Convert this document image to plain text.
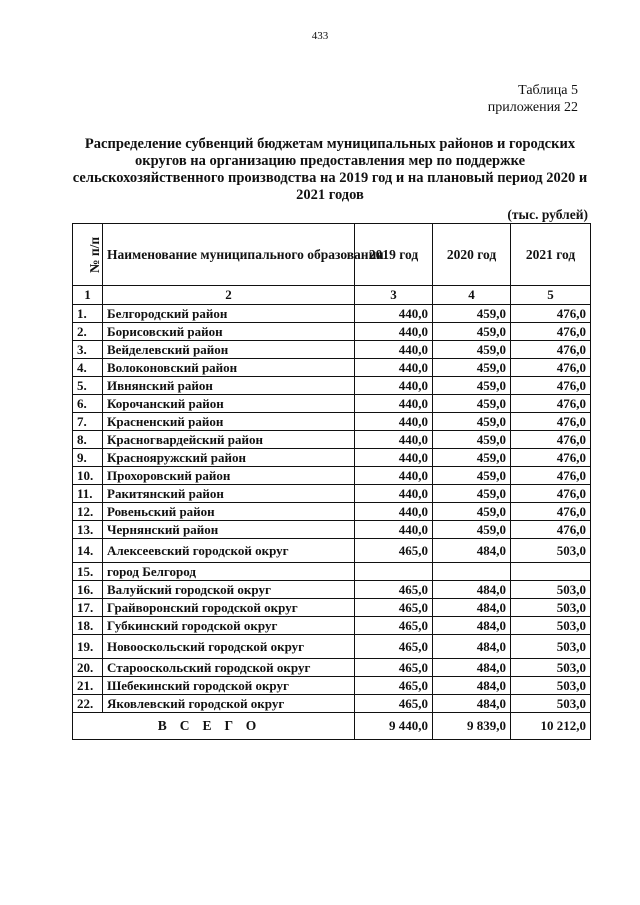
433
Таблица 5
приложения 22
Распределение субвенций бюджетам муниципальных районов и городских округов на организацию предоставления мер по поддержке сельскохозяйственного производства на 2019 год и на плановый период 2020 и 2021 годов
(тыс. рублей)
№ п/п	Наименование муниципального образования	2019 год	2020 год	2021 год
1	2	3	4	5
1.	Белгородский район	440,0	459,0	476,0
2.	Борисовский район	440,0	459,0	476,0
3.	Вейделевский район	440,0	459,0	476,0
4.	Волоконовский район	440,0	459,0	476,0
5.	Ивнянский район	440,0	459,0	476,0
6.	Корочанский район	440,0	459,0	476,0
7.	Красненский район	440,0	459,0	476,0
8.	Красногвардейский район	440,0	459,0	476,0
9.	Краснояружский район	440,0	459,0	476,0
10.	Прохоровский район	440,0	459,0	476,0
11.	Ракитянский район	440,0	459,0	476,0
12.	Ровеньский район	440,0	459,0	476,0
13.	Чернянский район	440,0	459,0	476,0
14.	Алексеевский городской округ	465,0	484,0	503,0
15.	город Белгород			
16.	Валуйский городской округ	465,0	484,0	503,0
17.	Грайворонский городской округ	465,0	484,0	503,0
18.	Губкинский городской округ	465,0	484,0	503,0
19.	Новооскольский городской округ	465,0	484,0	503,0
20.	Старооскольский городской округ	465,0	484,0	503,0
21.	Шебекинский городской округ	465,0	484,0	503,0
22.	Яковлевский городской округ	465,0	484,0	503,0
ВСЕГО		9 440,0	9 839,0	10 212,0
